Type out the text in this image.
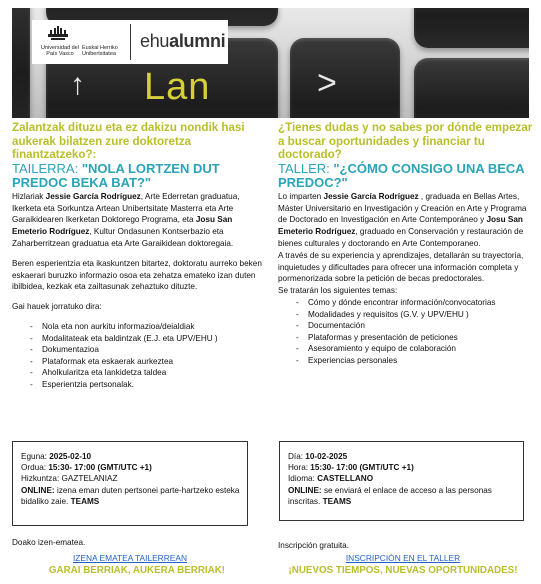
↑ Lan	>
Universidad del País Vasco
Euskal Herriko Unibertsitatea
ehualumni

Zalantzak dituzu eta ez dakizu nondik hasi aukerak bilatzen zure doktoretza finantzatzeko?:

TAILERRA: "NOLA LORTZEN DUT PREDOC BEKA BAT?"

Hizlariak Jessie García Rodríguez, Arte Ederretan graduatua, Ikerketa eta Sorkuntza Artean Unibertsitate Masterra eta Arte Garaikidearen Ikerketan Doktorego Programa, eta Josu San Emeterio Rodríguez, Kultur Ondasunen Kontserbazio eta Zaharberritzean graduatua eta Arte Garaikidean doktoregaia.

Beren esperientzia eta ikaskuntzen bitartez, doktoratu aurreko beken eskaerari buruzko informazio osoa eta zehatza emateko izan duten ibilbidea, kezkak eta zailtasunak zehaztuko dituzte.

Gai hauek jorratuko dira:

- Nola eta non aurkitu informazioa/deialdiak
- Modalitateak eta baldintzak (E.J. eta UPV/EHU )
- Dokumentazioa
- Plataformak eta eskaerak aurkeztea
- Aholkularitza eta lankidetza taldea
- Esperientzia pertsonalak.

Eguna: 2025-02-10

Ordua: 15:30- 17:00 (GMT/UTC +1)

Hizkuntza: GAZTELANIAZ

ONLINE: izena eman duten pertsonei parte-hartzeko esteka bidaliko zaie. TEAMS

Doako izen-ematea.

IZENA EMATEA TAILERREAN
GARAI BERRIAK, AUKERA BERRIAK!

¿Tienes dudas y no sabes por dónde empezar a buscar oportunidades y financiar tu doctorado?

TALLER: "¿CÓMO CONSIGO UNA BECA PREDOC?"

Lo imparten Jessie García Rodríguez , graduada en Bellas Artes, Máster Universitario en Investigación y Creación en Arte y Programa de Doctorado en Investigación en Arte Contemporáneo y Josu San Emeterio Rodríguez, graduado en Conservación y restauración de bienes culturales y doctorando en Arte Contemporaneo.

A través de su experiencia y aprendizajes, detallarán su trayectoria, inquietudes y dificultades para ofrecer una información completa y pormenorizada sobre la petición de becas predoctorales.

Se tratarán los siguientes temas:

- Cómo y dónde encontrar información/convocatorias
- Modalidades y requisitos (G.V. y UPV/EHU )
- Documentación
- Plataformas y presentación de peticiones
- Asesoramiento y equipo de colaboración
- Experiencias personales

Día: 10-02-2025

Hora: 15:30- 17:00 (GMT/UTC +1)

Idioma: CASTELLANO

ONLINE: se enviará el enlace de acceso a las personas inscritas. TEAMS

Inscripción gratuita.

INSCRIPCIÓN EN EL TALLER
¡NUEVOS TIEMPOS, NUEVAS OPORTUNIDADES!
